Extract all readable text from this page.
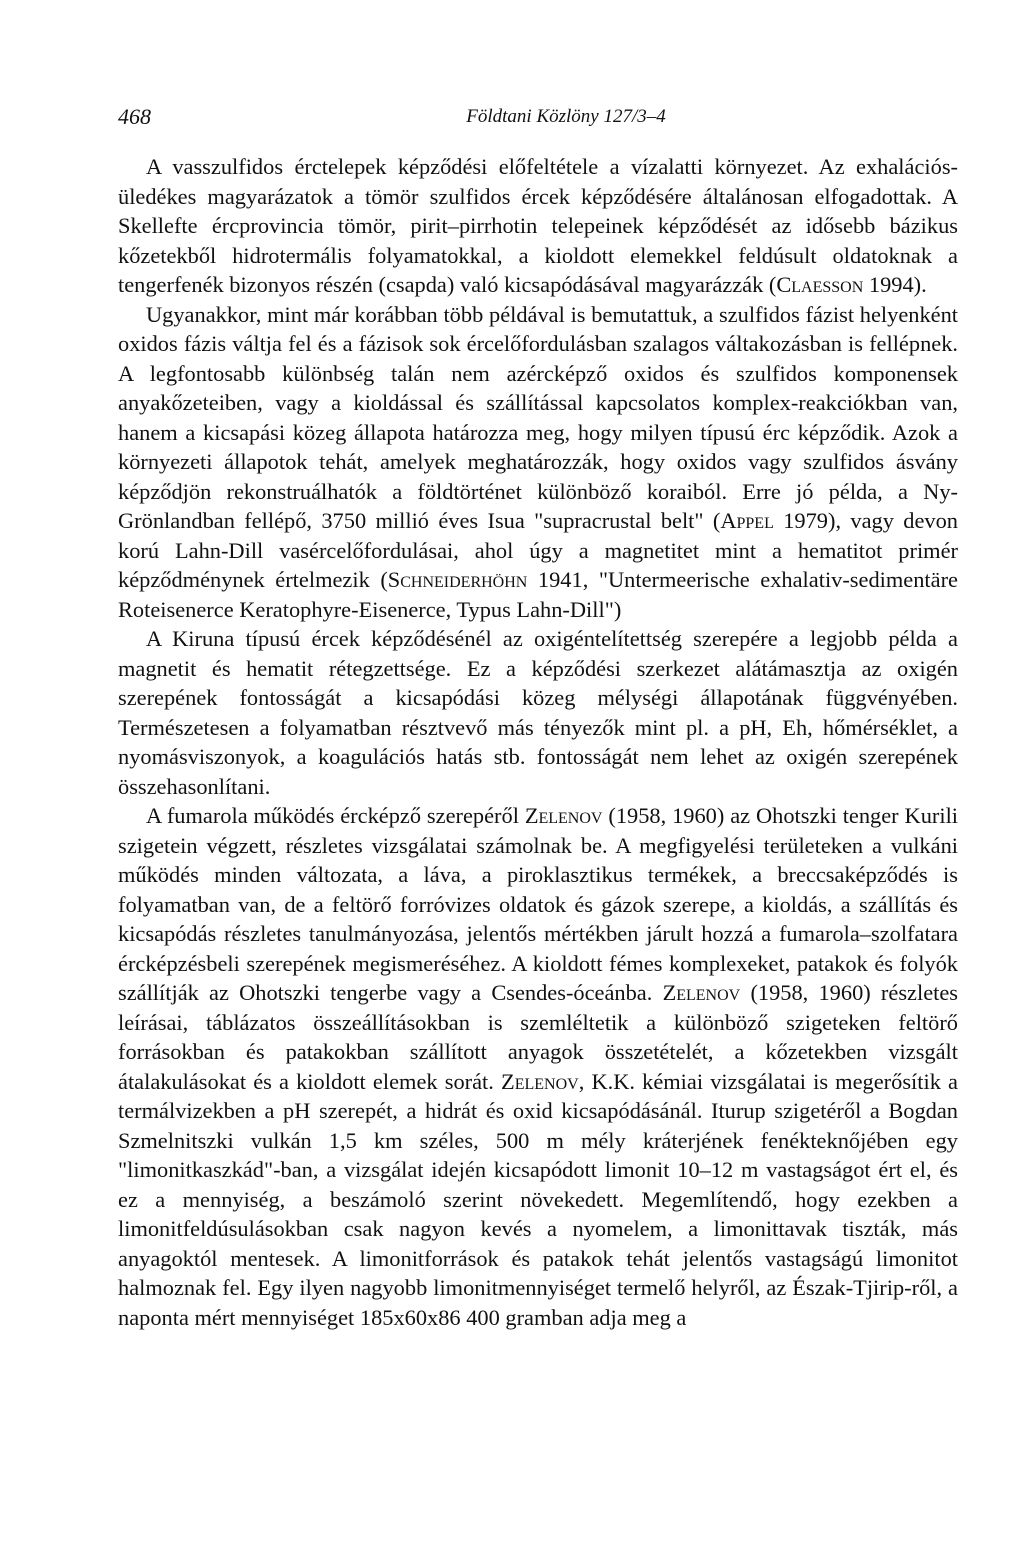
468	Földtani Közlöny 127/3–4

A vasszulfidos érctelepek képződési előfeltétele a vízalatti környezet. Az exhalációs-üledékes magyarázatok a tömör szulfidos ércek képződésére általánosan elfogadottak. A Skellefte ércprovincia tömör, pirit–pirrhotin telepeinek képződését az idősebb bázikus kőzetekből hidrotermális folyamatokkal, a kioldott elemekkel feldúsult oldatoknak a tengerfenék bizonyos részén (csapda) való kicsapódásával magyarázzák (Claesson 1994).

Ugyanakkor, mint már korábban több példával is bemutattuk, a szulfidos fázist helyenként oxidos fázis váltja fel és a fázisok sok ércelőfordulásban szalagos váltakozásban is fellépnek. A legfontosabb különbség talán nem azércképző oxidos és szulfidos komponensek anyakőzeteiben, vagy a kioldással és szállítással kapcsolatos komplex-reakciókban van, hanem a kicsapási közeg állapota határozza meg, hogy milyen típusú érc képződik. Azok a környezeti állapotok tehát, amelyek meghatározzák, hogy oxidos vagy szulfidos ásvány képződjön rekonstruálhatók a földtörténet különböző koraiból. Erre jó példa, a Ny-Grönlandban fellépő, 3750 millió éves Isua "supracrustal belt" (Appel 1979), vagy devon korú Lahn-Dill vasércelőfordulásai, ahol úgy a magnetitet mint a hematitot primér képződménynek értelmezik (Schneiderhöhn 1941, "Untermeerische exhalativ-sedimentäre Roteisenerce Keratophyre-Eisenerce, Typus Lahn-Dill")

A Kiruna típusú ércek képződésénél az oxigéntelítettség szerepére a legjobb példa a magnetit és hematit rétegzettsége. Ez a képződési szerkezet alátámasztja az oxigén szerepének fontosságát a kicsapódási közeg mélységi állapotának függvényében. Természetesen a folyamatban résztvevő más tényezők mint pl. a pH, Eh, hőmérséklet, a nyomásviszonyok, a koagulációs hatás stb. fontosságát nem lehet az oxigén szerepének összehasonlítani.

A fumarola működés ércképző szerepéről Zelenov (1958, 1960) az Ohotszki tenger Kurili szigetein végzett, részletes vizsgálatai számolnak be. A megfigyelési területeken a vulkáni működés minden változata, a láva, a piroklasztikus termékek, a breccsaképződés is folyamatban van, de a feltörő forróvizes oldatok és gázok szerepe, a kioldás, a szállítás és kicsapódás részletes tanulmányozása, jelentős mértékben járult hozzá a fumarola–szolfatara ércképzésbeli szerepének megismeréséhez. A kioldott fémes komplexeket, patakok és folyók szállítják az Ohotszki tengerbe vagy a Csendes-óceánba. Zelenov (1958, 1960) részletes leírásai, táblázatos összeállításokban is szemléltetik a különböző szigeteken feltörő forrásokban és patakokban szállított anyagok összetételét, a kőzetekben vizsgált átalakulásokat és a kioldott elemek sorát. Zelenov, K.K. kémiai vizsgálatai is megerősítik a termálvizekben a pH szerepét, a hidrát és oxid kicsapódásánál. Iturup szigetéről a Bogdan Szmelnitszki vulkán 1,5 km széles, 500 m mély kráterjének fenékteknőjében egy "limonitkaszkád"-ban, a vizsgálat idején kicsapódott limonit 10–12 m vastagságot ért el, és ez a mennyiség, a beszámoló szerint növekedett. Megemlítendő, hogy ezekben a limonitfeldúsulásokban csak nagyon kevés a nyomelem, a limonittavak tiszták, más anyagoktól mentesek. A limonitforrások és patakok tehát jelentős vastagságú limonitot halmoznak fel. Egy ilyen nagyobb limonitmennyiséget termelő helyről, az Észak-Tjirip-ről, a naponta mért mennyiséget 185x60x86 400 gramban adja meg a
